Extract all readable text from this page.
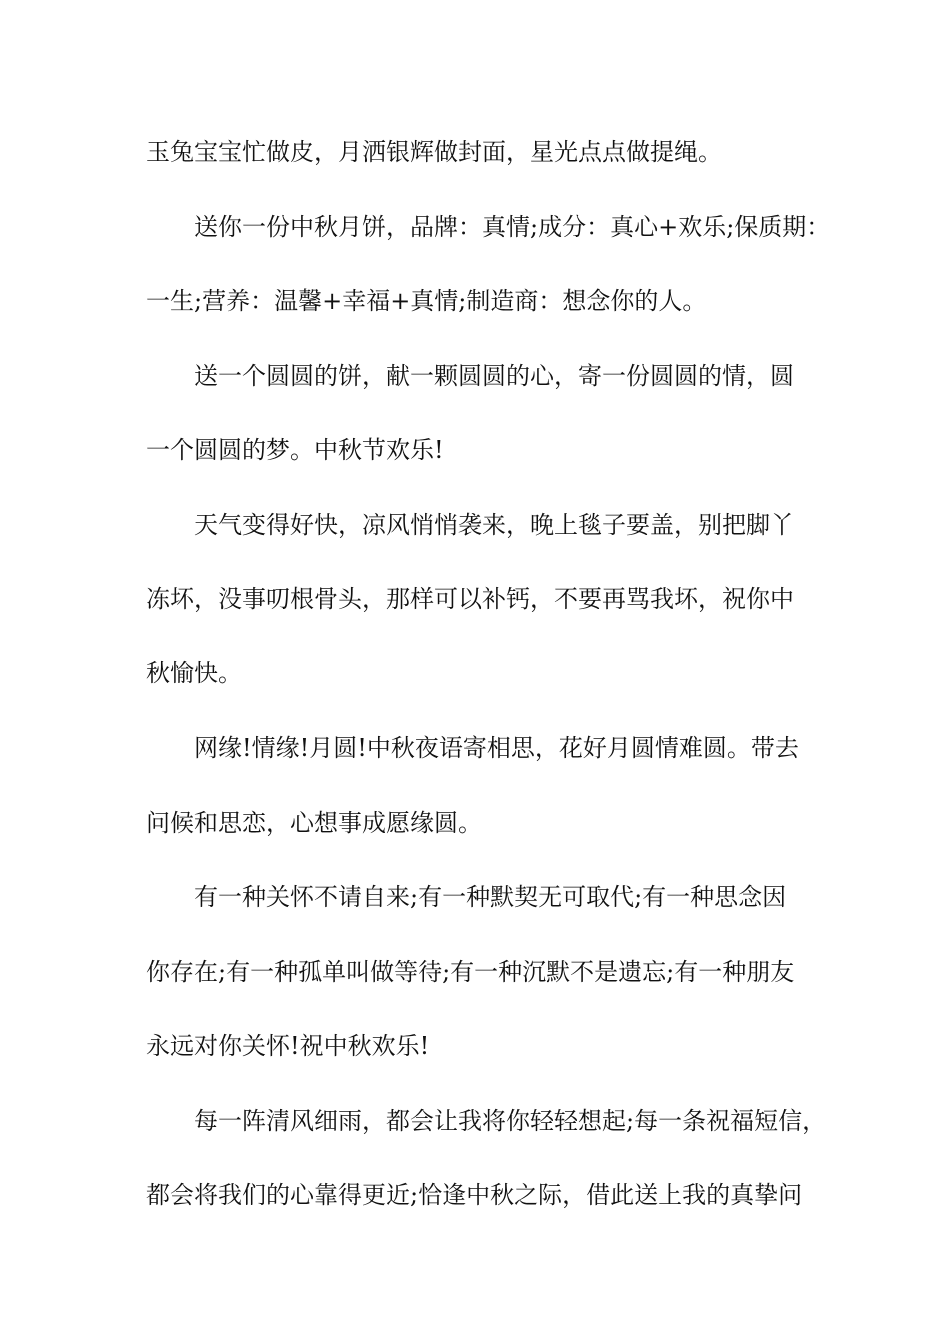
玉兔宝宝忙做皮，月洒银辉做封面，星光点点做提绳。

送你一份中秋月饼，品牌：真情;成分：真心+欢乐;保质期：

一生;营养：温馨+幸福+真情;制造商：想念你的人。

送一个圆圆的饼，献一颗圆圆的心，寄一份圆圆的情，圆

一个圆圆的梦。中秋节欢乐!

天气变得好快，凉风悄悄袭来，晚上毯子要盖，别把脚丫

冻坏，没事叨根骨头，那样可以补钙，不要再骂我坏，祝你中

秋愉快。

网缘!情缘!月圆!中秋夜语寄相思，花好月圆情难圆。带去

问候和思恋，心想事成愿缘圆。

有一种关怀不请自来;有一种默契无可取代;有一种思念因

你存在;有一种孤单叫做等待;有一种沉默不是遗忘;有一种朋友

永远对你关怀!祝中秋欢乐!

每一阵清风细雨，都会让我将你轻轻想起;每一条祝福短信，

都会将我们的心靠得更近;恰逢中秋之际，借此送上我的真挚问
